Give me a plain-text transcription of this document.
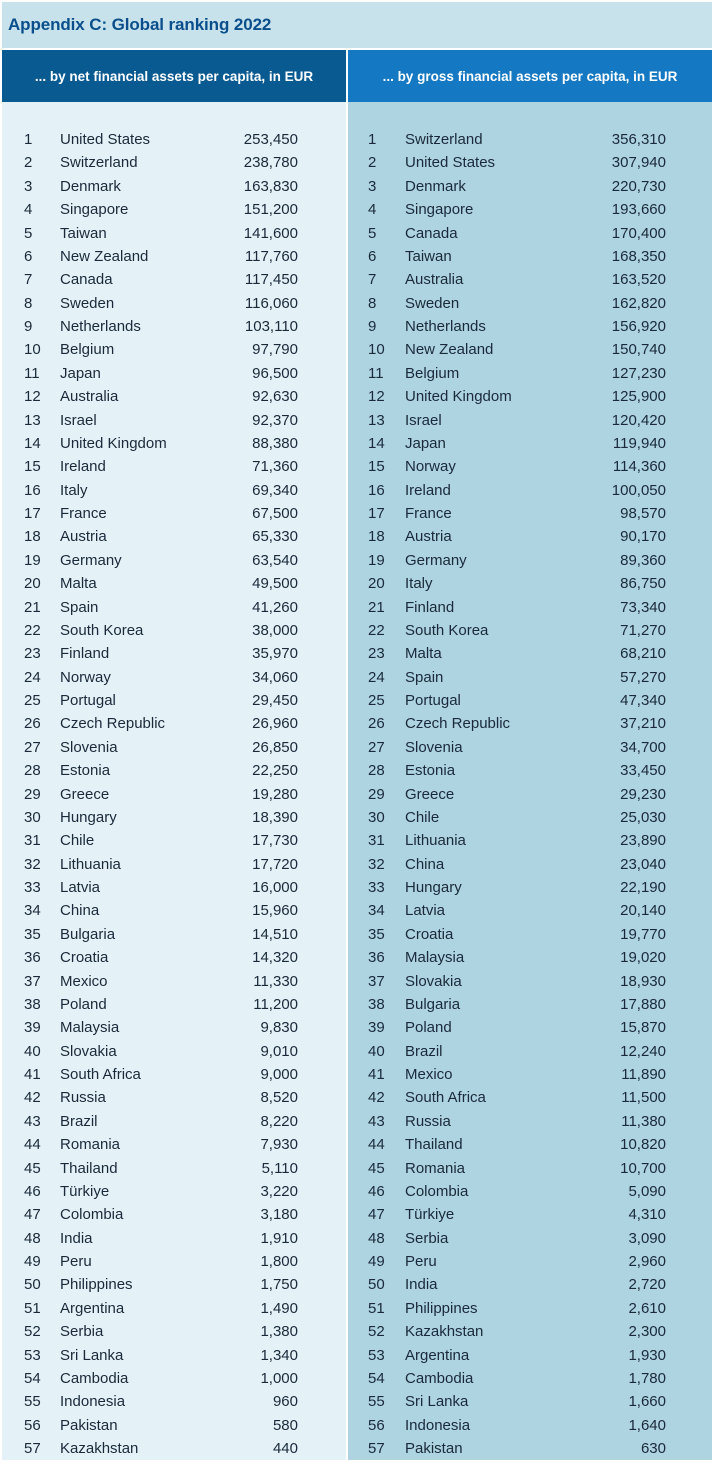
Appendix C: Global ranking 2022
... by net financial assets per capita, in EUR
1 United States	253,450
2 Switzerland	238,780
3 Denmark	163,830
4 Singapore	151,200
5 Taiwan	141,600
6 New Zealand	117,760
7 Canada	117,450
8 Sweden	116,060
9 Netherlands	103,110
10 Belgium	97,790
11 Japan	96,500
12 Australia	92,630
13 Israel	92,370
14 United Kingdom	88,380
15 Ireland	71,360
16 Italy	69,340
17 France	67,500
18 Austria	65,330
19 Germany	63,540
20 Malta	49,500
21 Spain	41,260
22 South Korea	38,000
23 Finland	35,970
24 Norway	34,060
25 Portugal	29,450
26 Czech Republic	26,960
27 Slovenia	26,850
28 Estonia	22,250
29 Greece	19,280
30 Hungary	18,390
31 Chile	17,730
32 Lithuania	17,720
33 Latvia	16,000
34 China	15,960
35 Bulgaria	14,510
36 Croatia	14,320
37 Mexico	11,330
38 Poland	11,200
39 Malaysia	9,830
40 Slovakia	9,010
41 South Africa	9,000
42 Russia	8,520
43 Brazil	8,220
44 Romania	7,930
45 Thailand	5,110
46 Türkiye	3,220
47 Colombia	3,180
48 India	1,910
49 Peru	1,800
50 Philippines	1,750
51 Argentina	1,490
52 Serbia	1,380
53 Sri Lanka	1,340
54 Cambodia	1,000
55 Indonesia	960
56 Pakistan	580
57 Kazakhstan	440
... by gross financial assets per capita, in EUR
1 Switzerland	356,310
2 United States	307,940
3 Denmark	220,730
4 Singapore	193,660
5 Canada	170,400
6 Taiwan	168,350
7 Australia	163,520
8 Sweden	162,820
9 Netherlands	156,920
10 New Zealand	150,740
11 Belgium	127,230
12 United Kingdom	125,900
13 Israel	120,420
14 Japan	119,940
15 Norway	114,360
16 Ireland	100,050
17 France	98,570
18 Austria	90,170
19 Germany	89,360
20 Italy	86,750
21 Finland	73,340
22 South Korea	71,270
23 Malta	68,210
24 Spain	57,270
25 Portugal	47,340
26 Czech Republic	37,210
27 Slovenia	34,700
28 Estonia	33,450
29 Greece	29,230
30 Chile	25,030
31 Lithuania	23,890
32 China	23,040
33 Hungary	22,190
34 Latvia	20,140
35 Croatia	19,770
36 Malaysia	19,020
37 Slovakia	18,930
38 Bulgaria	17,880
39 Poland	15,870
40 Brazil	12,240
41 Mexico	11,890
42 South Africa	11,500
43 Russia	11,380
44 Thailand	10,820
45 Romania	10,700
46 Colombia	5,090
47 Türkiye	4,310
48 Serbia	3,090
49 Peru	2,960
50 India	2,720
51 Philippines	2,610
52 Kazakhstan	2,300
53 Argentina	1,930
54 Cambodia	1,780
55 Sri Lanka	1,660
56 Indonesia	1,640
57 Pakistan	630
